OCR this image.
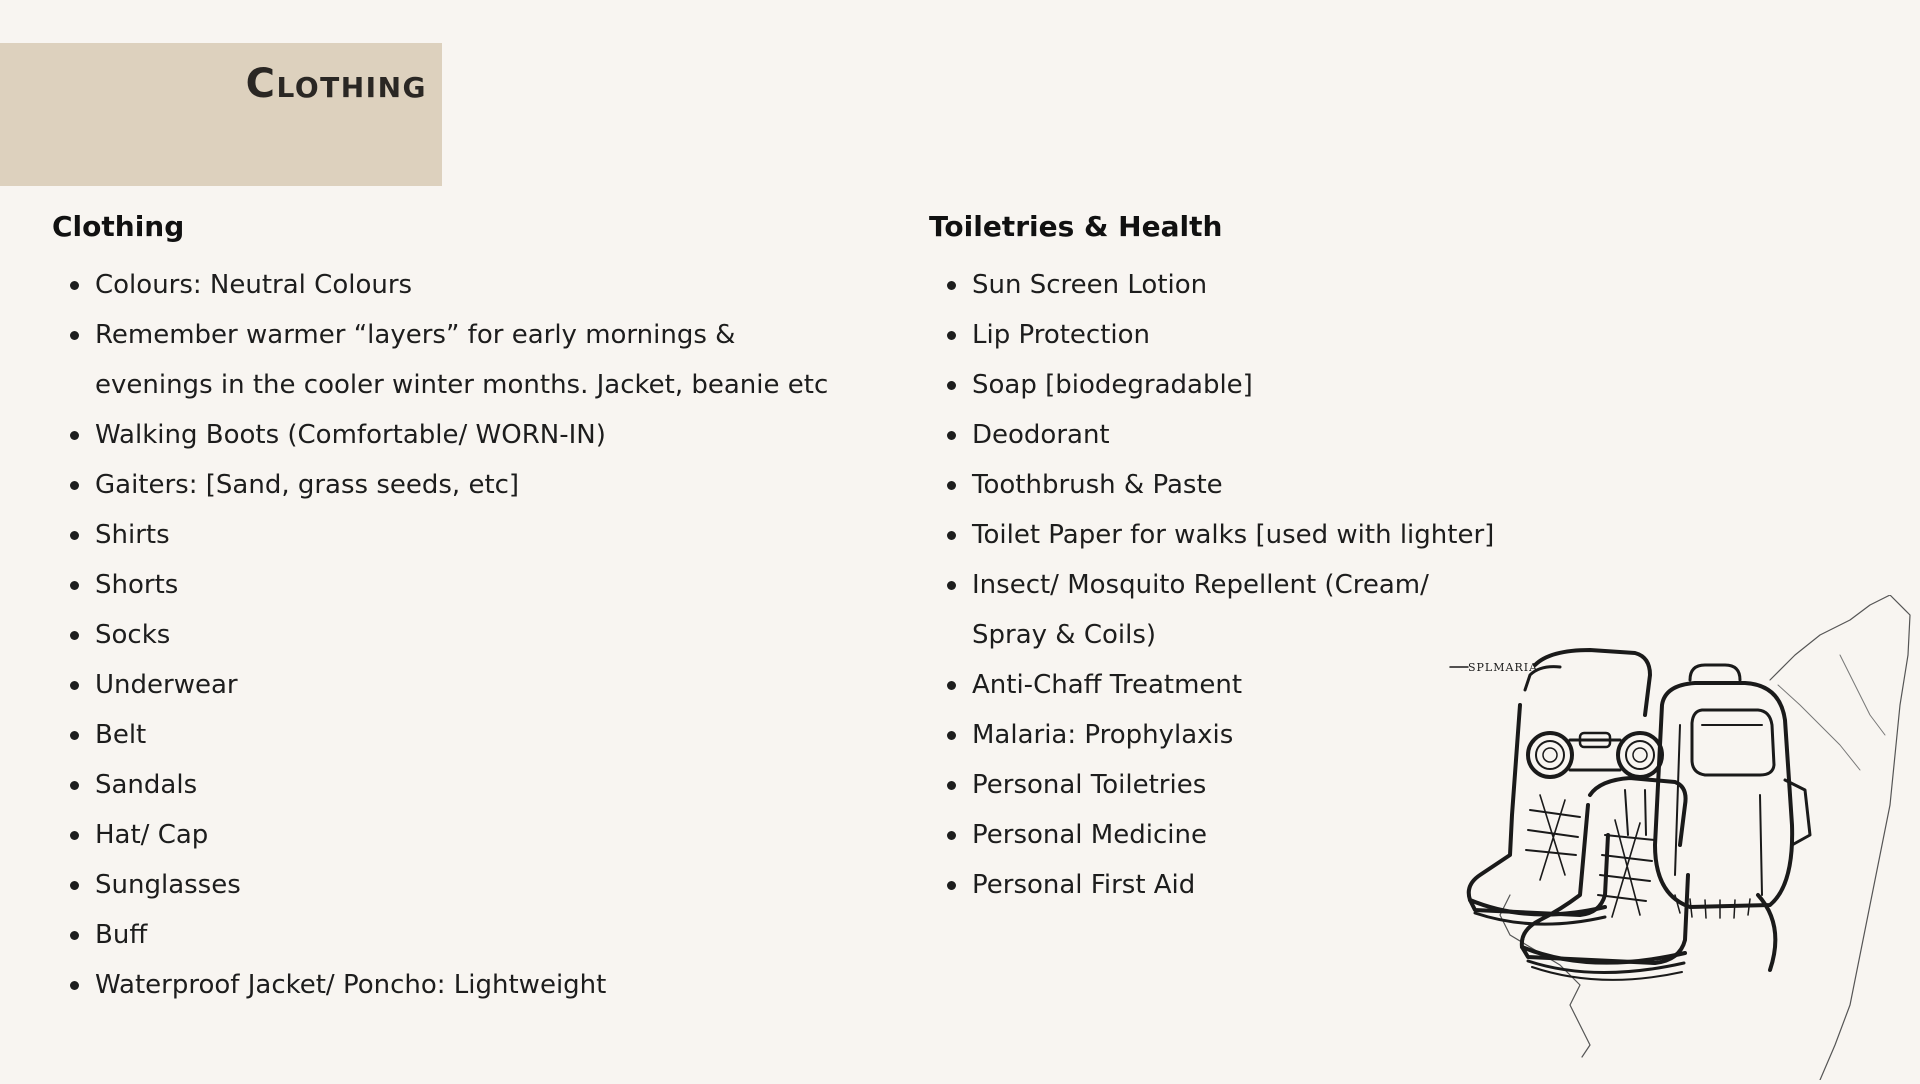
Clothing
Clothing
Colours: Neutral Colours
Remember warmer “layers” for early mornings & evenings in the cooler winter months. Jacket, beanie etc
Walking Boots (Comfortable/ WORN-IN)
Gaiters: [Sand, grass seeds, etc]
Shirts
Shorts
Socks
Underwear
Belt
Sandals
Hat/ Cap
Sunglasses
Buff
Waterproof Jacket/ Poncho: Lightweight
Toiletries & Health
Sun Screen Lotion
Lip Protection
Soap [biodegradable]
Deodorant
Toothbrush & Paste
Toilet Paper for walks [used with lighter]
Insect/ Mosquito Repellent (Cream/ Spray & Coils)
Anti-Chaff Treatment
Malaria: Prophylaxis
Personal Toiletries
Personal Medicine
Personal First Aid
SPLMARIA
